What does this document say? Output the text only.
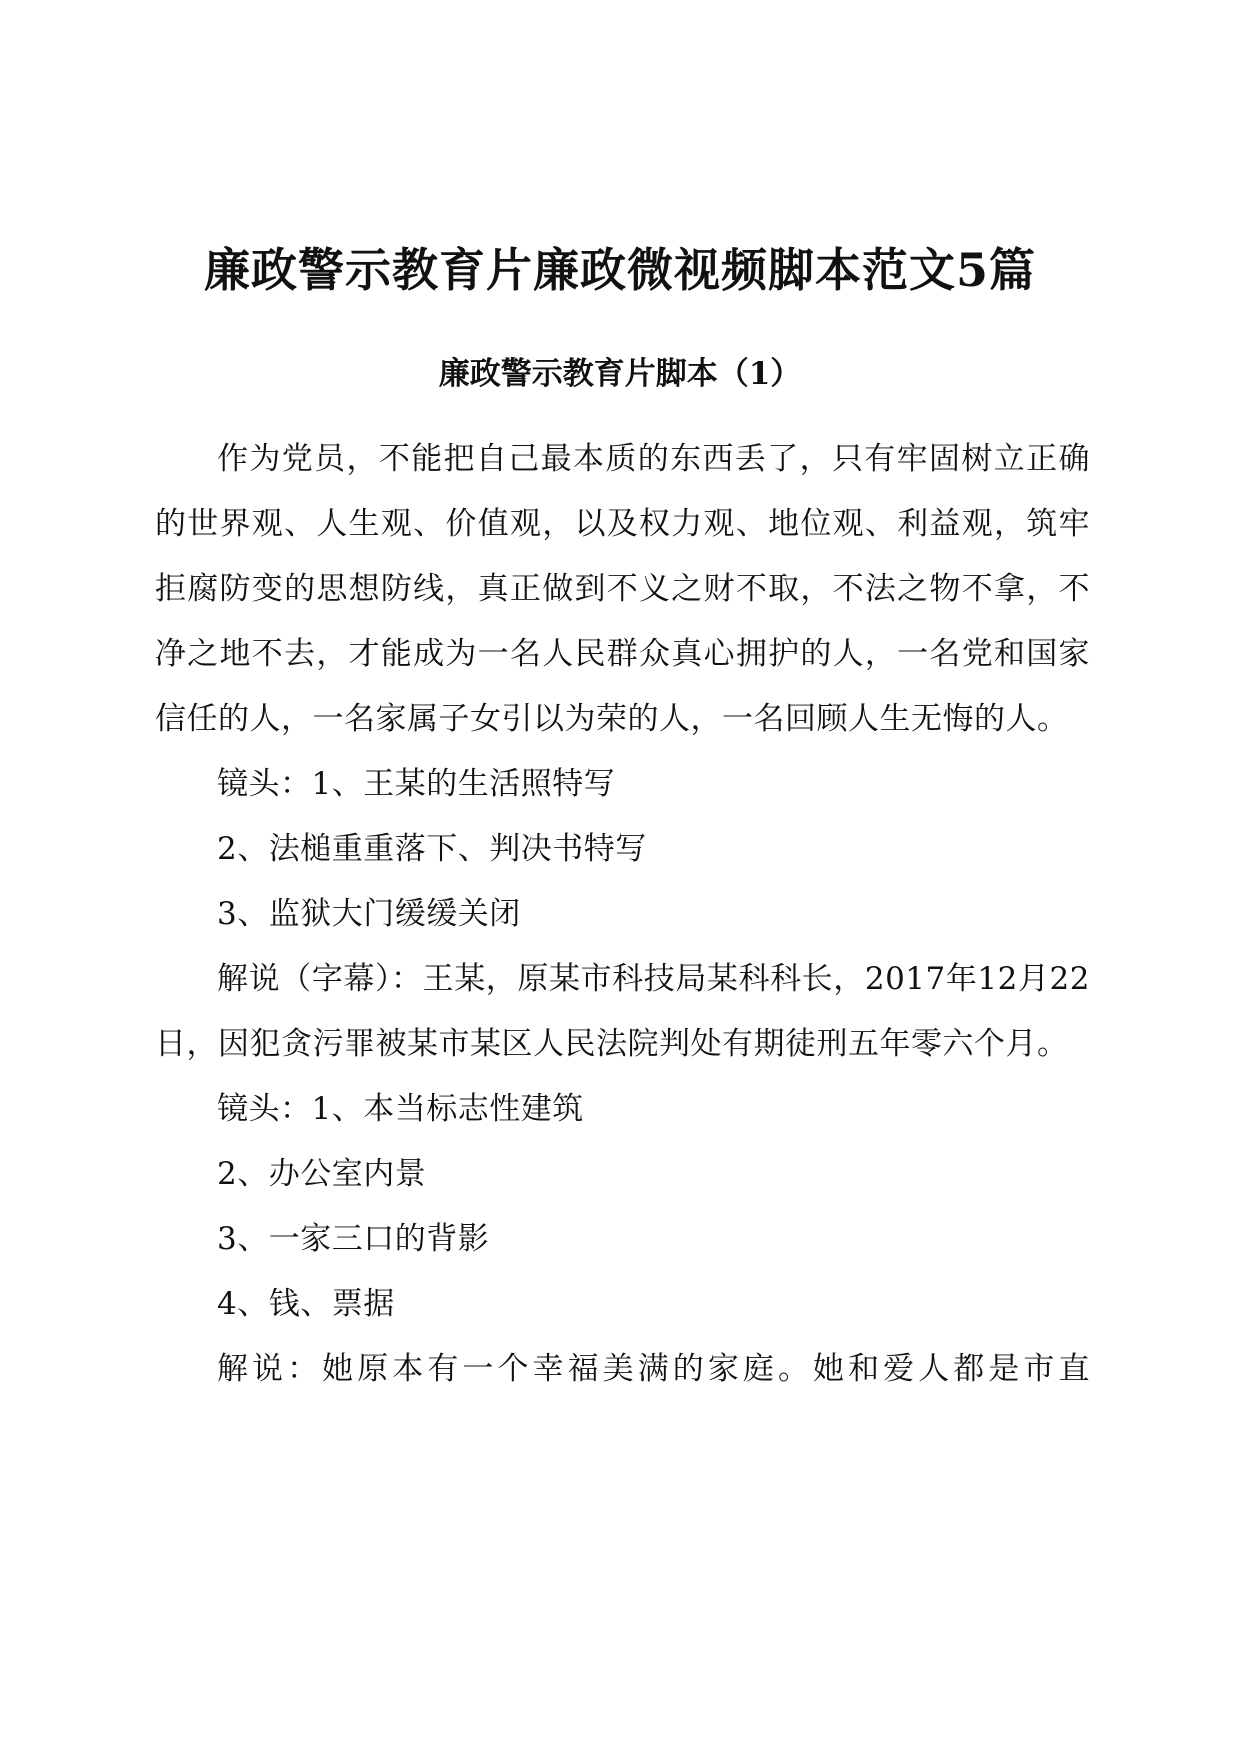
廉政警示教育片廉政微视频脚本范文5篇
廉政警示教育片脚本（1）

作为党员，不能把自己最本质的东西丢了，只有牢固树立正确的世界观、人生观、价值观，以及权力观、地位观、利益观，筑牢拒腐防变的思想防线，真正做到不义之财不取，不法之物不拿，不净之地不去，才能成为一名人民群众真心拥护的人，一名党和国家信任的人，一名家属子女引以为荣的人，一名回顾人生无悔的人。

镜头：1、王某的生活照特写

2、法槌重重落下、判决书特写

3、监狱大门缓缓关闭

解说（字幕）：王某，原某市科技局某科科长，2017年12月22日，因犯贪污罪被某市某区人民法院判处有期徒刑五年零六个月。

镜头：1、本当标志性建筑

2、办公室内景

3、一家三口的背影

4、钱、票据

解说：她原本有一个幸福美满的家庭。她和爱人都是市直
